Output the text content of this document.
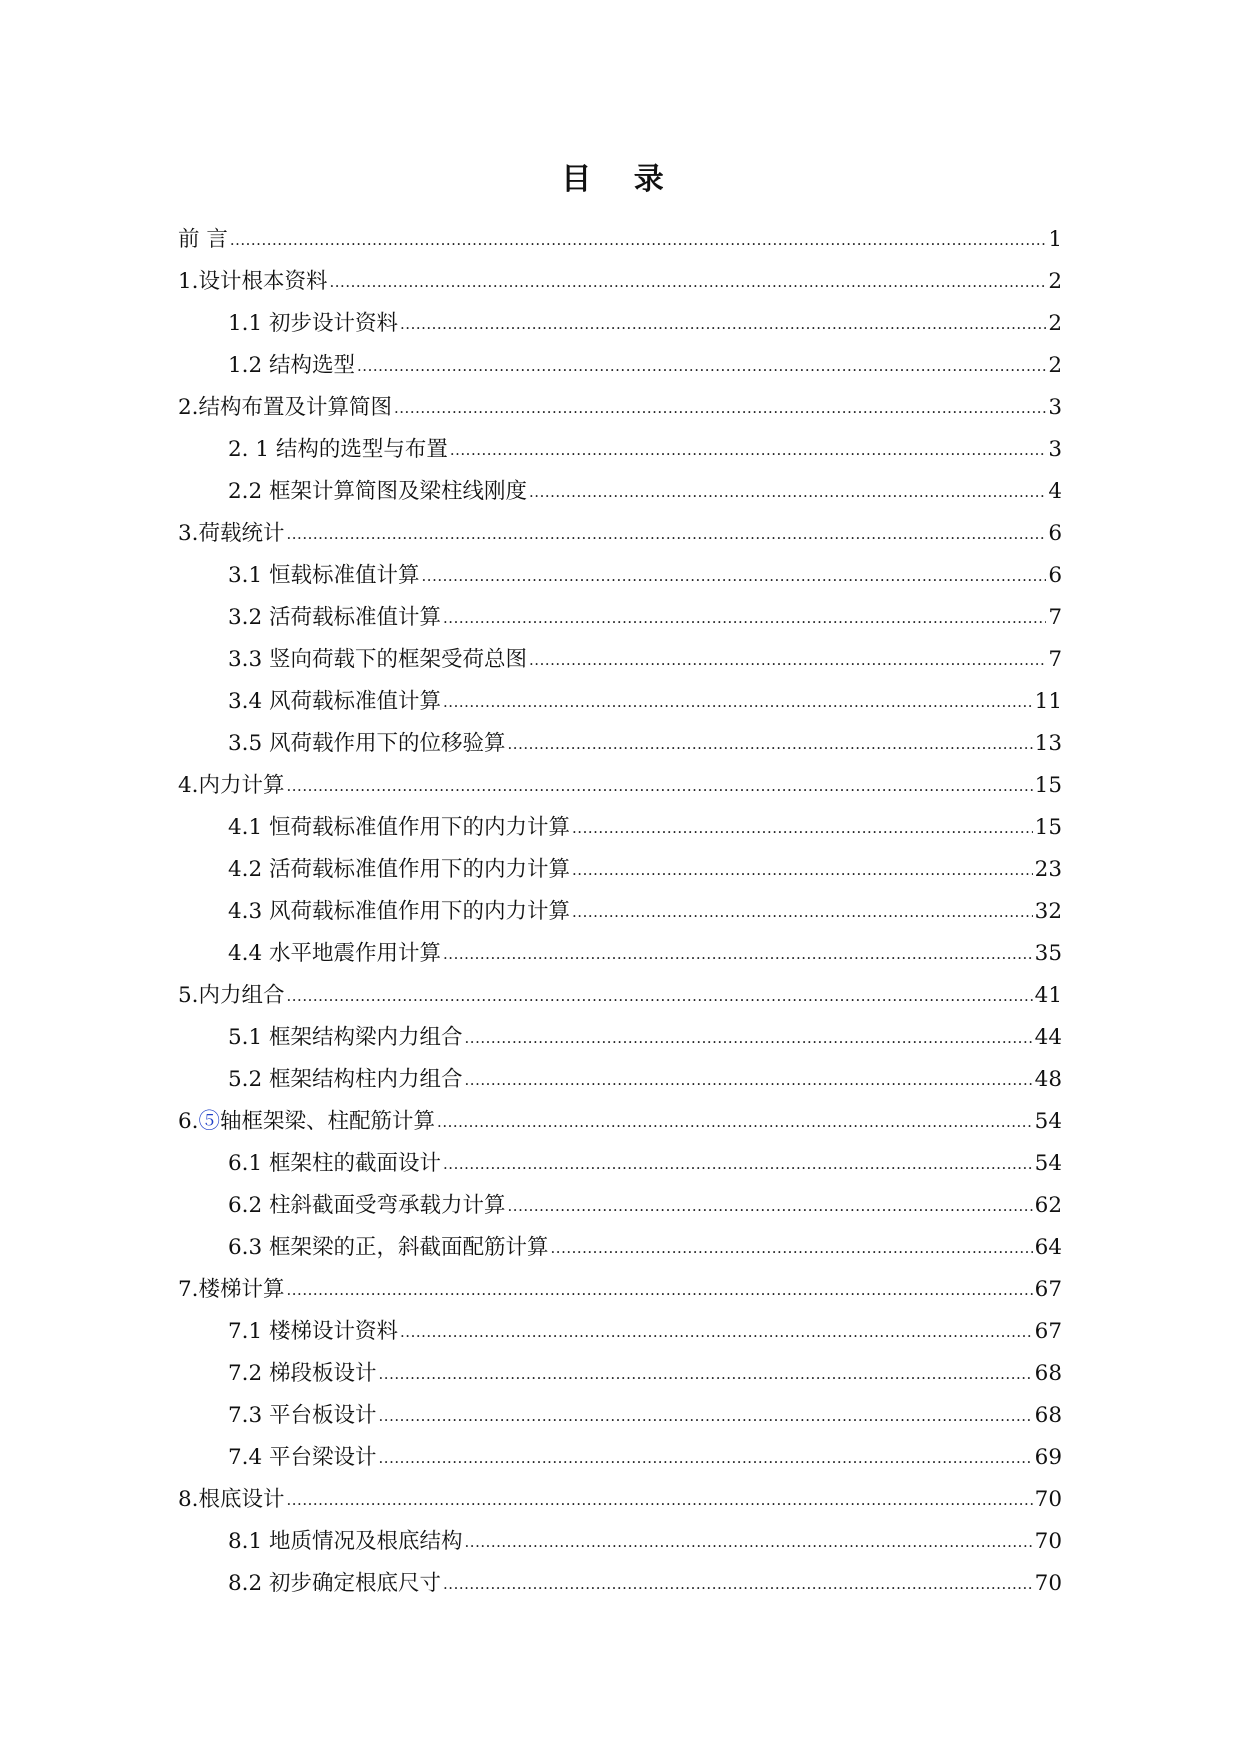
目 录
前 言 ·····	1
1.设计根本资料 ·····	2
1.1 初步设计资料 ·····	2
1.2 结构选型 ·····	2
2.结构布置及计算简图 ·····	3
2. 1 结构的选型与布置 ·····	3
2.2 框架计算简图及梁柱线刚度 ·····	4
3.荷载统计 ·····	6
3.1 恒载标准值计算 ·····	6
3.2 活荷载标准值计算 ·····	7
3.3 竖向荷载下的框架受荷总图 ·····	7
3.4 风荷载标准值计算 ·····	11
3.5 风荷载作用下的位移验算 ·····	13
4.内力计算 ·····	15
4.1 恒荷载标准值作用下的内力计算 ·····	15
4.2 活荷载标准值作用下的内力计算 ·····	23
4.3 风荷载标准值作用下的内力计算 ·····	32
4.4 水平地震作用计算 ·····	35
5.内力组合 ·····	41
5.1 框架结构梁内力组合 ·····	44
5.2 框架结构柱内力组合 ·····	48
6.⑤轴框架梁、柱配筋计算 ·····	54
6.1 框架柱的截面设计 ·····	54
6.2 柱斜截面受弯承载力计算 ·····	62
6.3 框架梁的正，斜截面配筋计算 ·····	64
7.楼梯计算 ·····	67
7.1 楼梯设计资料 ·····	67
7.2 梯段板设计 ·····	68
7.3 平台板设计 ·····	68
7.4 平台梁设计 ·····	69
8.根底设计 ·····	70
8.1 地质情况及根底结构 ·····	70
8.2 初步确定根底尺寸 ·····	70
